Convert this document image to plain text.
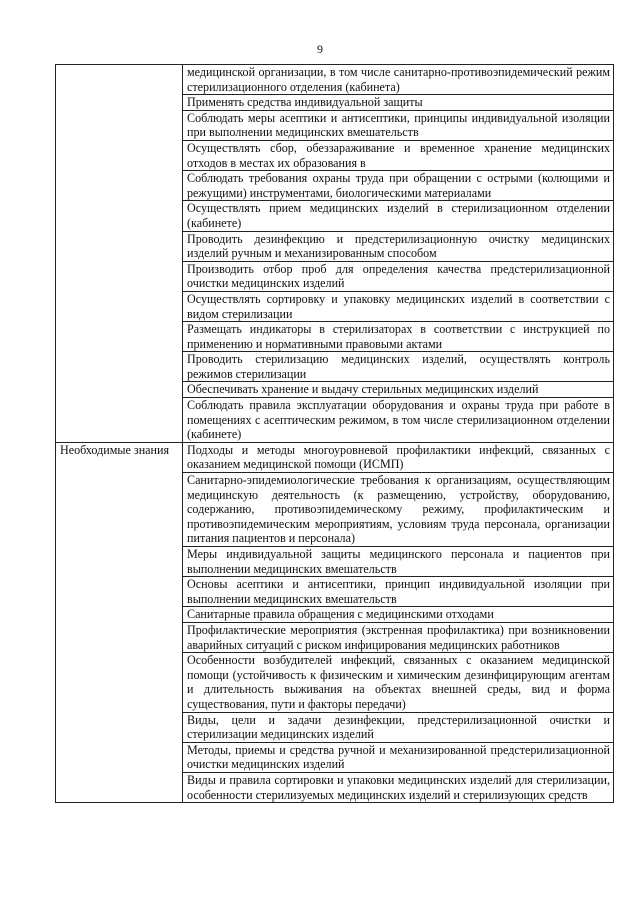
9
	медицинской организации, в том числе санитарно-противоэпидемический режим стерилизационного отделения (кабинета)
	Применять средства индивидуальной защиты
	Соблюдать меры асептики и антисептики, принципы индивидуальной изоляции при выполнении медицинских вмешательств
	Осуществлять сбор, обеззараживание и временное хранение медицинских отходов в местах их образования в
	Соблюдать требования охраны труда при обращении с острыми (колющими и режущими) инструментами, биологическими материалами
	Осуществлять прием медицинских изделий в стерилизационном отделении (кабинете)
	Проводить дезинфекцию и предстерилизационную очистку медицинских изделий ручным и механизированным способом
	Производить отбор проб для определения качества предстерилизационной очистки медицинских изделий
	Осуществлять сортировку и упаковку медицинских изделий в соответствии с видом стерилизации
	Размещать индикаторы в стерилизаторах в соответствии с инструкцией по применению и нормативными правовыми актами
	Проводить стерилизацию медицинских изделий, осуществлять контроль режимов стерилизации
	Обеспечивать хранение и выдачу стерильных медицинских изделий
	Соблюдать правила эксплуатации оборудования и охраны труда при работе в помещениях с асептическим режимом, в том числе стерилизационном отделении (кабинете)
Необходимые знания	Подходы и методы многоуровневой профилактики инфекций, связанных с оказанием медицинской помощи (ИСМП)
	Санитарно-эпидемиологические требования к организациям, осуществляющим медицинскую деятельность (к размещению, устройству, оборудованию, содержанию, противоэпидемическому режиму, профилактическим и противоэпидемическим мероприятиям, условиям труда персонала, организации питания пациентов и персонала)
	Меры индивидуальной защиты медицинского персонала и пациентов при выполнении медицинских вмешательств
	Основы асептики и антисептики, принцип индивидуальной изоляции при выполнении медицинских вмешательств
	Санитарные правила обращения с медицинскими отходами
	Профилактические мероприятия (экстренная профилактика) при возникновении аварийных ситуаций с риском инфицирования медицинских работников
	Особенности возбудителей инфекций, связанных с оказанием медицинской помощи (устойчивость к физическим и химическим дезинфицирующим агентам и длительность выживания на объектах внешней среды, вид и форма существования, пути и факторы передачи)
	Виды, цели и задачи дезинфекции, предстерилизационной очистки и стерилизации медицинских изделий
	Методы, приемы и средства ручной и механизированной предстерилизационной очистки медицинских изделий
	Виды и правила сортировки и упаковки медицинских изделий для стерилизации, особенности стерилизуемых медицинских изделий и стерилизующих средств
